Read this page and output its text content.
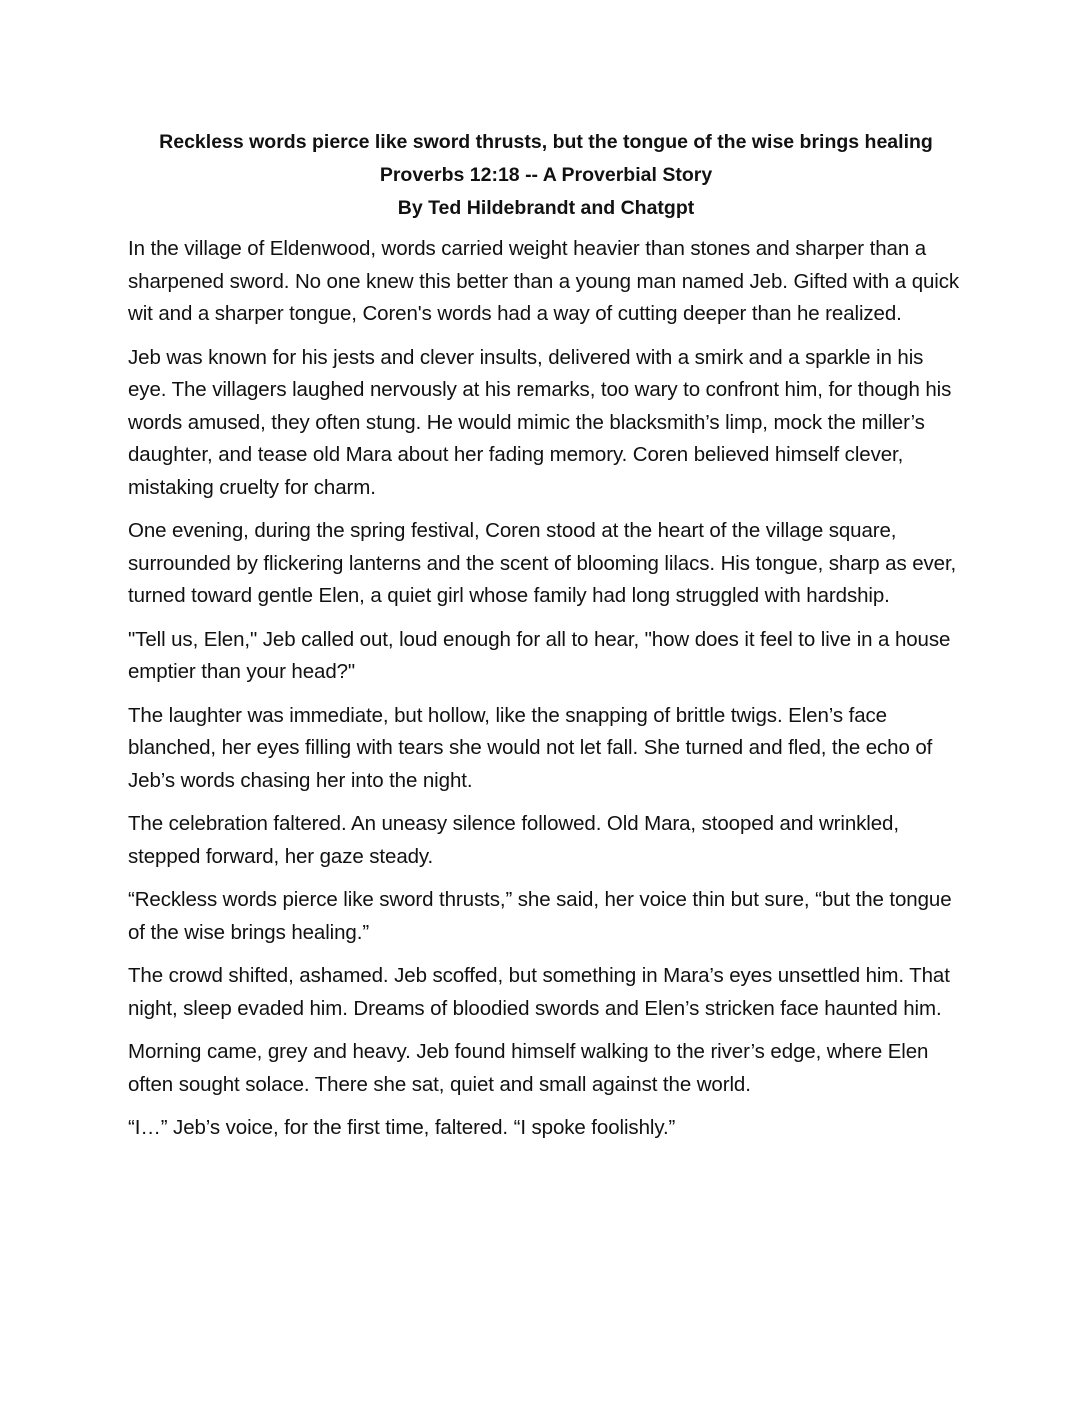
Reckless words pierce like sword thrusts, but the tongue of the wise brings healing
Proverbs 12:18 -- A Proverbial Story
By Ted Hildebrandt and Chatgpt

In the village of Eldenwood, words carried weight heavier than stones and sharper than a sharpened sword. No one knew this better than a young man named Jeb. Gifted with a quick wit and a sharper tongue, Coren's words had a way of cutting deeper than he realized.

Jeb was known for his jests and clever insults, delivered with a smirk and a sparkle in his eye. The villagers laughed nervously at his remarks, too wary to confront him, for though his words amused, they often stung. He would mimic the blacksmith’s limp, mock the miller’s daughter, and tease old Mara about her fading memory. Coren believed himself clever, mistaking cruelty for charm.

One evening, during the spring festival, Coren stood at the heart of the village square, surrounded by flickering lanterns and the scent of blooming lilacs. His tongue, sharp as ever, turned toward gentle Elen, a quiet girl whose family had long struggled with hardship.

"Tell us, Elen," Jeb called out, loud enough for all to hear, "how does it feel to live in a house emptier than your head?"

The laughter was immediate, but hollow, like the snapping of brittle twigs. Elen’s face blanched, her eyes filling with tears she would not let fall. She turned and fled, the echo of Jeb’s words chasing her into the night.

The celebration faltered. An uneasy silence followed. Old Mara, stooped and wrinkled, stepped forward, her gaze steady.

“Reckless words pierce like sword thrusts,” she said, her voice thin but sure, “but the tongue of the wise brings healing.”

The crowd shifted, ashamed. Jeb scoffed, but something in Mara’s eyes unsettled him. That night, sleep evaded him. Dreams of bloodied swords and Elen’s stricken face haunted him.

Morning came, grey and heavy. Jeb found himself walking to the river’s edge, where Elen often sought solace. There she sat, quiet and small against the world.

“I…” Jeb’s voice, for the first time, faltered. “I spoke foolishly.”
